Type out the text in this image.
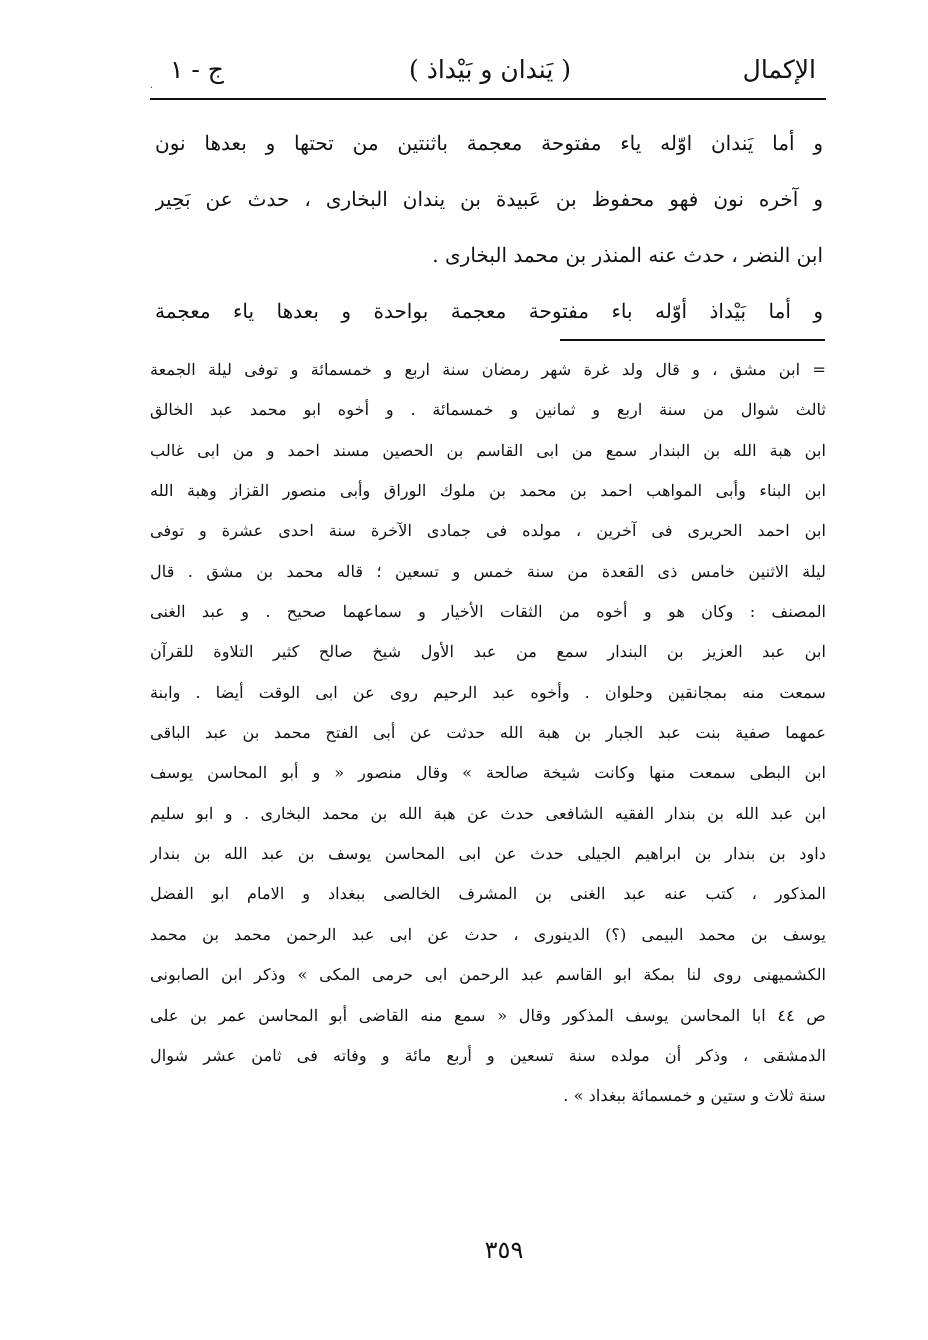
الإكمال
( يَندان و بَيْداذ )
ج - ١
·
و أما يَندان اوّله ياء مفتوحة معجمة باثنتين من تحتها و بعدها نون
و آخره نون فهو محفوظ بن عَبيدة بن يندان البخارى ، حدث عن بَحِير
ابن النضر ، حدث عنه المنذر بن محمد البخارى .
و أما بَيْداذ أوّله باء مفتوحة معجمة بواحدة و بعدها ياء معجمة
= ابن مشق ، و قال ولد غرة شهر رمضان سنة اربع و خمسمائة و توفى ليلة الجمعة
ثالث شوال من سنة اربع و ثمانين و خمسمائة . و أخوه ابو محمد عبد الخالق
ابن هبة الله بن البندار سمع من ابى القاسم بن الحصين مسند احمد و من ابى غالب
ابن البناء وأبى المواهب احمد بن محمد بن ملوك الوراق وأبى منصور القزاز وهبة الله
ابن احمد الحريرى فى آخرين ، مولده فى جمادى الآخرة سنة احدى عشرة و توفى
ليلة الاثنين خامس ذى القعدة من سنة خمس و تسعين ؛ قاله محمد بن مشق . قال
المصنف : وكان هو و أخوه من الثقات الأخيار و سماعهما صحيح . و عبد الغنى
ابن عبد العزيز بن البندار سمع من عبد الأول شيخ صالح كثير التلاوة للقرآن
سمعت منه بمجانقين وحلوان . وأخوه عبد الرحيم روى عن ابى الوقت أيضا . وابنة
عمهما صفية بنت عبد الجبار بن هبة الله حدثت عن أبى الفتح محمد بن عبد الباقى
ابن البطى سمعت منها وكانت شيخة صالحة » وقال منصور « و أبو المحاسن يوسف
ابن عبد الله بن بندار الفقيه الشافعى حدث عن هبة الله بن محمد البخارى . و ابو سليم
داود بن بندار بن ابراهيم الجيلى حدث عن ابى المحاسن يوسف بن عبد الله بن بندار
المذكور ، كتب عنه عبد الغنى بن المشرف الخالصى ببغداد و الامام ابو الفضل
يوسف بن محمد البيمى (؟) الدينورى ، حدث عن ابى عبد الرحمن محمد بن محمد
الكشميهنى روى لنا بمكة ابو القاسم عبد الرحمن ابى حرمى المكى » وذكر ابن الصابونى
ص ٤٤ ابا المحاسن يوسف المذكور وقال « سمع منه القاضى أبو المحاسن عمر بن على
الدمشقى ، وذكر أن مولده سنة تسعين و أربع مائة و وفاته فى ثامن عشر شوال
سنة ثلاث و ستين و خمسمائة ببغداد » .
٣٥٩
